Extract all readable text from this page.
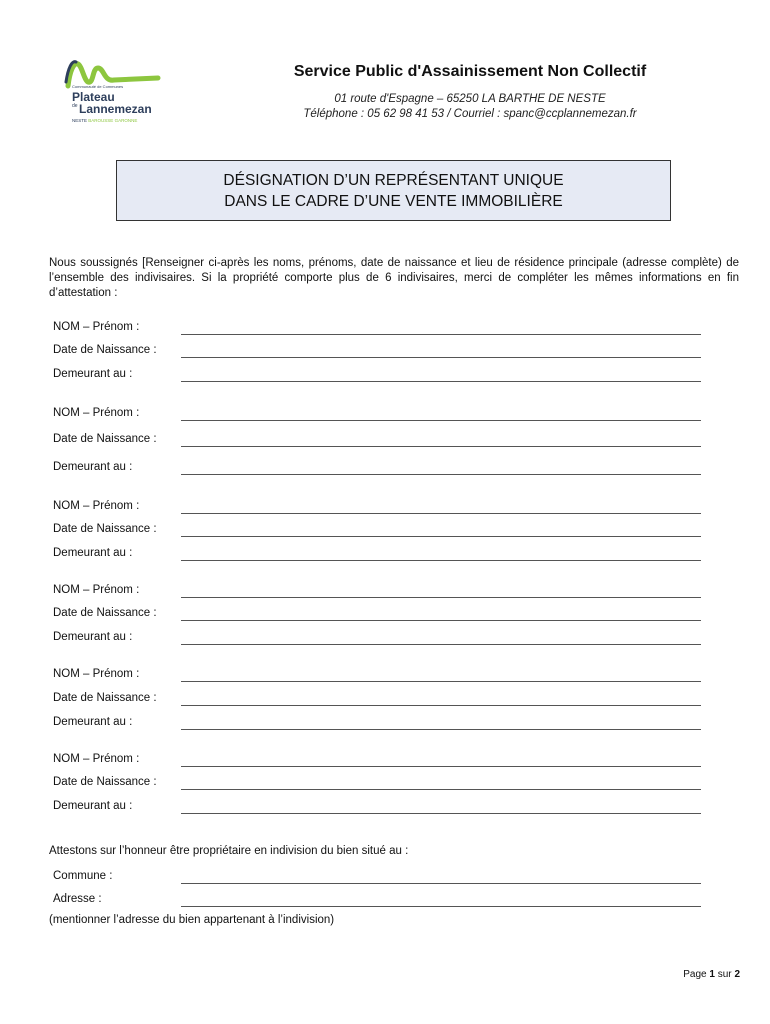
Communauté de Communes
Plateau
de Lannemezan
NESTE BAROUSSE GARONNE
Service Public d'Assainissement Non Collectif
01 route d'Espagne – 65250 LA BARTHE DE NESTE
Téléphone : 05 62 98 41 53 / Courriel : spanc@ccplannemezan.fr
DÉSIGNATION D’UN REPRÉSENTANT UNIQUE
DANS LE CADRE D’UNE VENTE IMMOBILIÈRE
Nous soussignés [Renseigner ci-après les noms, prénoms, date de naissance et lieu de résidence principale (adresse complète) de l’ensemble des indivisaires. Si la propriété comporte plus de 6 indivisaires, merci de compléter les mêmes informations en fin d’attestation :
NOM – Prénom :
Date de Naissance :
Demeurant au :
NOM – Prénom :
Date de Naissance :
Demeurant au :
NOM – Prénom :
Date de Naissance :
Demeurant au :
NOM – Prénom :
Date de Naissance :
Demeurant au :
NOM – Prénom :
Date de Naissance :
Demeurant au :
NOM – Prénom :
Date de Naissance :
Demeurant au :
Attestons sur l’honneur être propriétaire en indivision du bien situé au :
Commune :
Adresse :
(mentionner l’adresse du bien appartenant à l’indivision)
Page 1 sur 2
